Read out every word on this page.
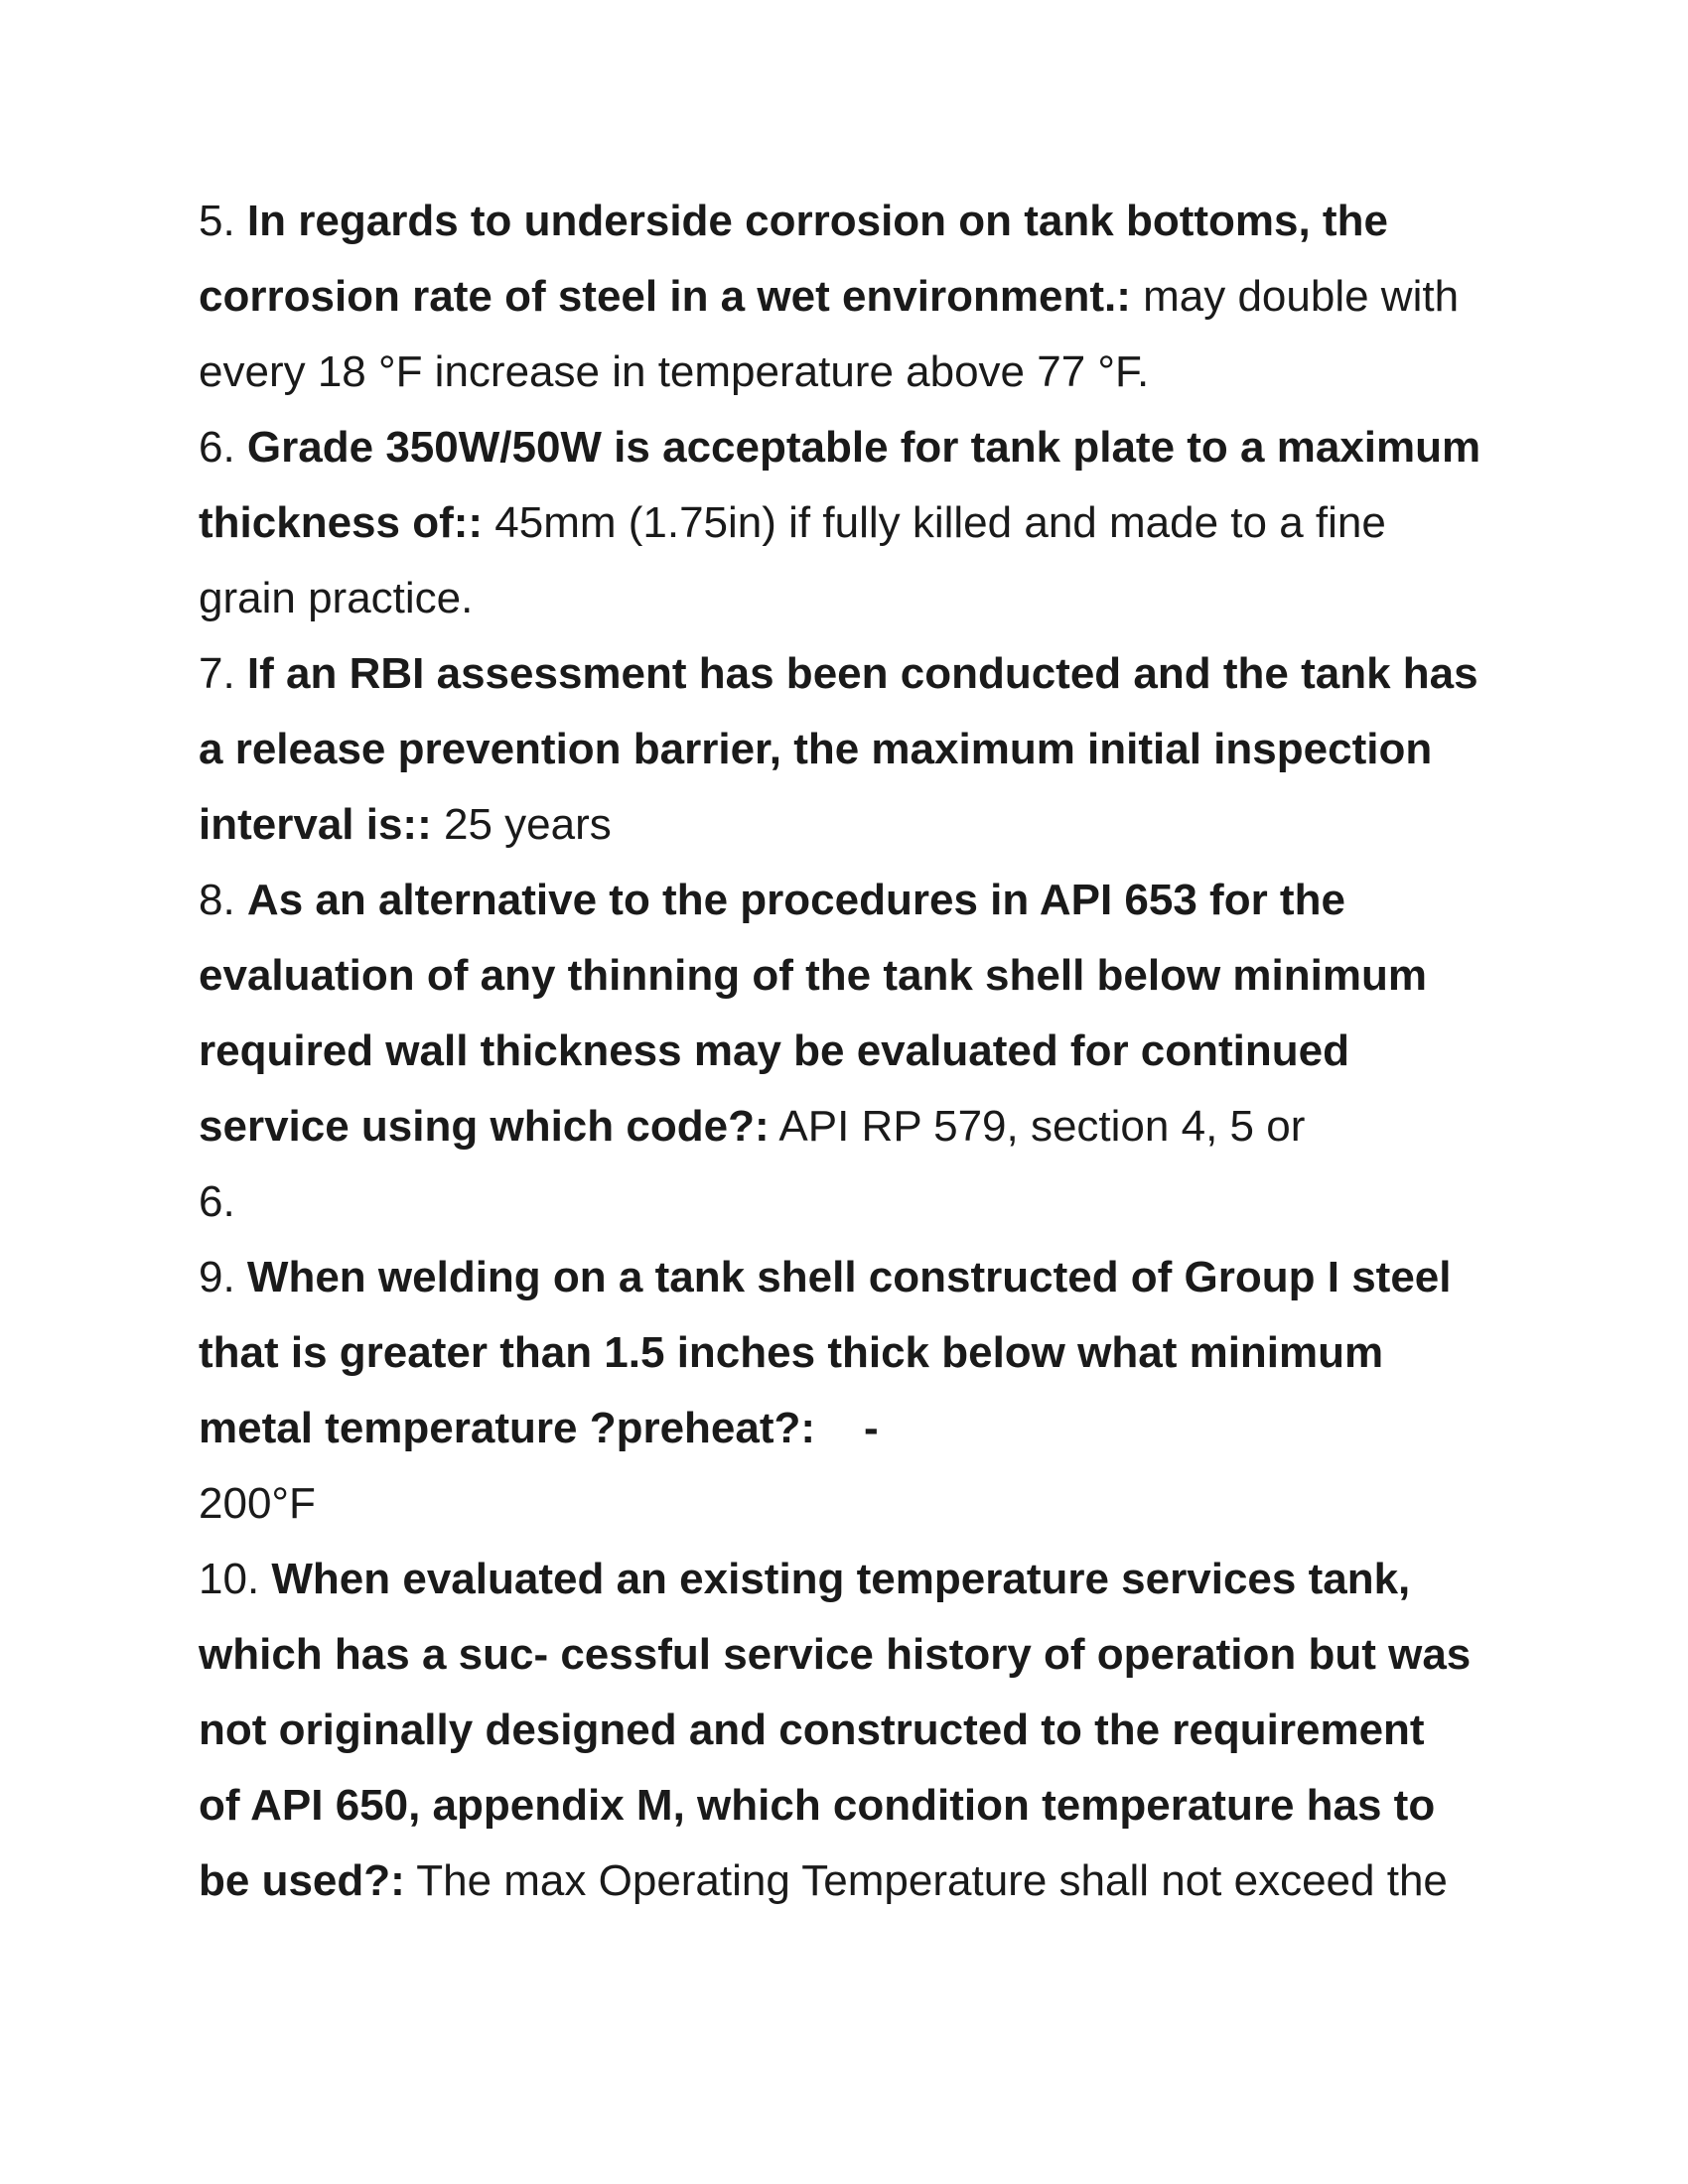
5. In regards to underside corrosion on tank bottoms, the
corrosion rate of steel in a wet environment.: may double with
every 18 °F increase in temperature above 77 °F.
6. Grade 350W/50W is acceptable for tank plate to a maximum
thickness of:: 45mm (1.75in) if fully killed and made to a fine
grain practice.
7. If an RBI assessment has been conducted and the tank has
a release prevention barrier, the maximum initial inspection
interval is:: 25 years
8. As an alternative to the procedures in API 653 for the
evaluation of any thinning of the tank shell below minimum
required wall thickness may be evaluated for continued
service using which code?: API RP 579, section 4, 5 or
6.
9. When welding on a tank shell constructed of Group I steel
that is greater than 1.5 inches thick below what minimum
metal temperature ?preheat?:    -
200°F
10. When evaluated an existing temperature services tank,
which has a suc- cessful service history of operation but was
not originally designed and constructed to the requirement
of API 650, appendix M, which condition temperature has to
be used?: The max Operating Temperature shall not exceed the
